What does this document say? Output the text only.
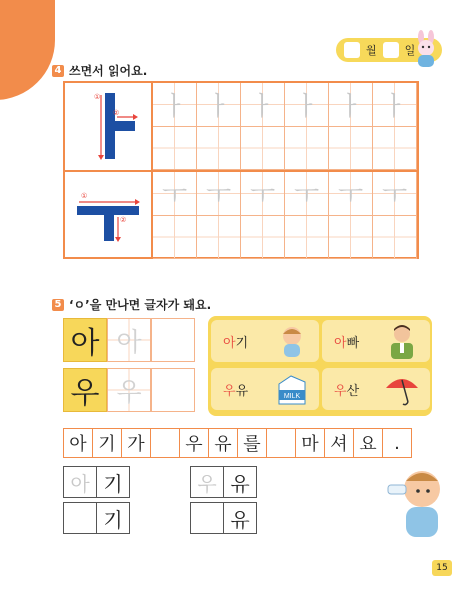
월	일
4 쓰면서 읽어요.
①
②	ㅏ ㅏ ㅏ ㅏ ㅏ ㅏ
①
②
ㅜ ㅜ ㅜ ㅜ ㅜ ㅜ
5 ‘ㅇ’을 만나면 글자가 돼요.
아 아
우 우
아 기	아 빠
우 유	MILK	우 산
아 기 가	우 유 를	마 셔 요 .
아 기	우 유
기	유
15
